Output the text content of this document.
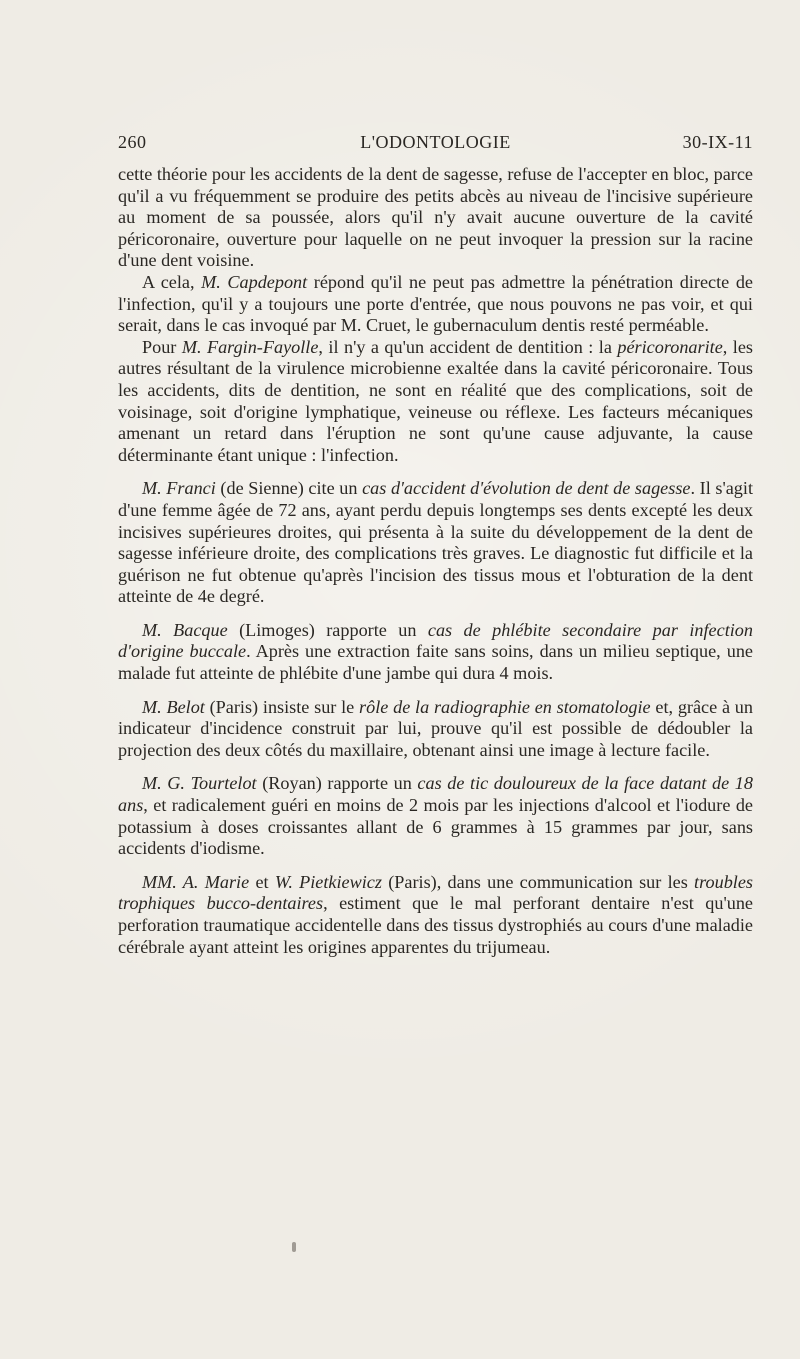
260	L'ODONTOLOGIE	30-IX-11

cette théorie pour les accidents de la dent de sagesse, refuse de l'accepter en bloc, parce qu'il a vu fréquemment se produire des petits abcès au niveau de l'incisive supérieure au moment de sa poussée, alors qu'il n'y avait aucune ouverture de la cavité péricoronaire, ouverture pour laquelle on ne peut invoquer la pression sur la racine d'une dent voisine.

A cela, M. Capdepont répond qu'il ne peut pas admettre la pénétration directe de l'infection, qu'il y a toujours une porte d'entrée, que nous pouvons ne pas voir, et qui serait, dans le cas invoqué par M. Cruet, le gubernaculum dentis resté perméable.

Pour M. Fargin-Fayolle, il n'y a qu'un accident de dentition : la péricoronarite, les autres résultant de la virulence microbienne exaltée dans la cavité péricoronaire. Tous les accidents, dits de dentition, ne sont en réalité que des complications, soit de voisinage, soit d'origine lymphatique, veineuse ou réflexe. Les facteurs mécaniques amenant un retard dans l'éruption ne sont qu'une cause adjuvante, la cause déterminante étant unique : l'infection.

M. Franci (de Sienne) cite un cas d'accident d'évolution de dent de sagesse. Il s'agit d'une femme âgée de 72 ans, ayant perdu depuis longtemps ses dents excepté les deux incisives supérieures droites, qui présenta à la suite du développement de la dent de sagesse inférieure droite, des complications très graves. Le diagnostic fut difficile et la guérison ne fut obtenue qu'après l'incision des tissus mous et l'obturation de la dent atteinte de 4e degré.

M. Bacque (Limoges) rapporte un cas de phlébite secondaire par infection d'origine buccale. Après une extraction faite sans soins, dans un milieu septique, une malade fut atteinte de phlébite d'une jambe qui dura 4 mois.

M. Belot (Paris) insiste sur le rôle de la radiographie en stomatologie et, grâce à un indicateur d'incidence construit par lui, prouve qu'il est possible de dédoubler la projection des deux côtés du maxillaire, obtenant ainsi une image à lecture facile.

M. G. Tourtelot (Royan) rapporte un cas de tic douloureux de la face datant de 18 ans, et radicalement guéri en moins de 2 mois par les injections d'alcool et l'iodure de potassium à doses croissantes allant de 6 grammes à 15 grammes par jour, sans accidents d'iodisme.

MM. A. Marie et W. Pietkiewicz (Paris), dans une communication sur les troubles trophiques bucco-dentaires, estiment que le mal perforant dentaire n'est qu'une perforation traumatique accidentelle dans des tissus dystrophiés au cours d'une maladie cérébrale ayant atteint les origines apparentes du trijumeau.
